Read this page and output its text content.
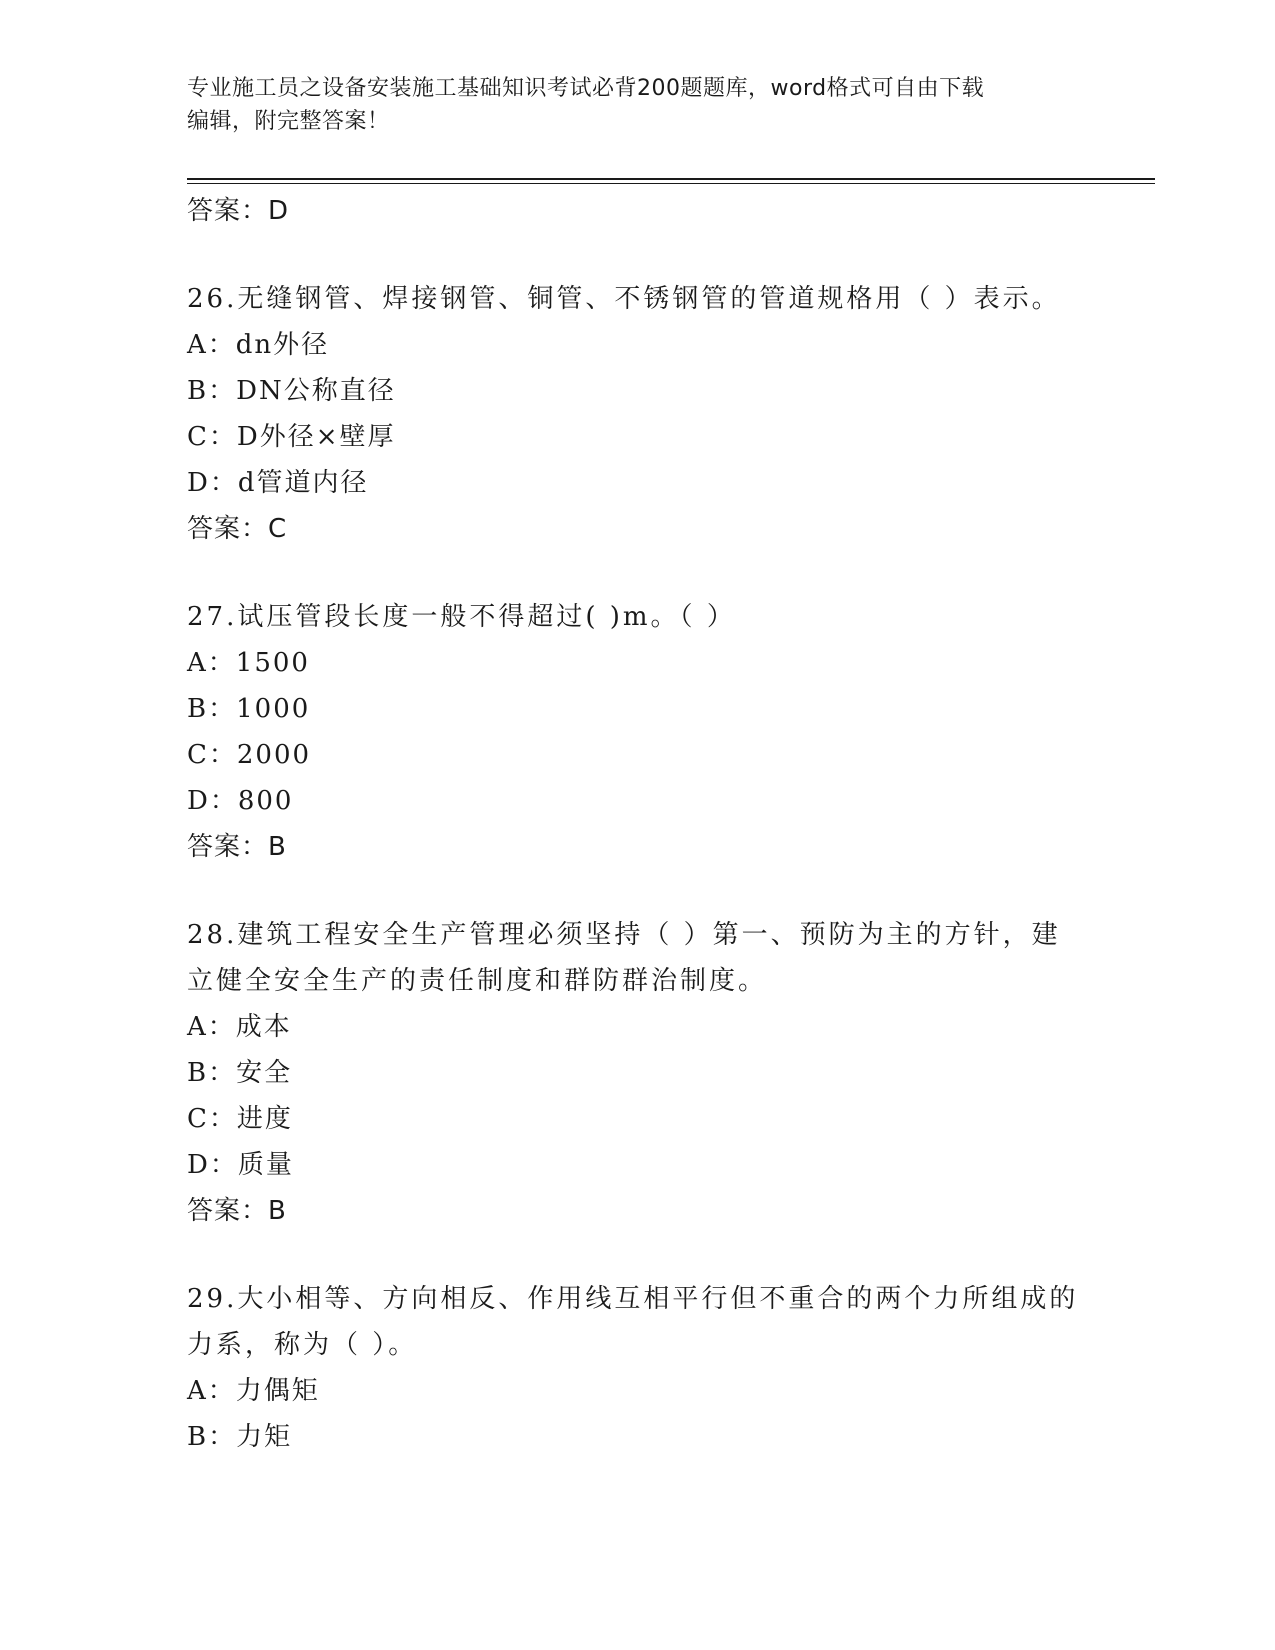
专业施工员之设备安装施工基础知识考试必背200题题库，word格式可自由下载
编辑，附完整答案！
答案：D
26.无缝钢管、焊接钢管、铜管、不锈钢管的管道规格用（ ）表示。
A：dn外径
B：DN公称直径
C：D外径×壁厚
D：d管道内径
答案：C
27.试压管段长度一般不得超过( )m。（ ）
A：1500
B：1000
C：2000
D：800
答案：B
28.建筑工程安全生产管理必须坚持（ ）第一、预防为主的方针，建
立健全安全生产的责任制度和群防群治制度。
A：成本
B：安全
C：进度
D：质量
答案：B
29.大小相等、方向相反、作用线互相平行但不重合的两个力所组成的
力系，称为（ ）。
A：力偶矩
B：力矩
